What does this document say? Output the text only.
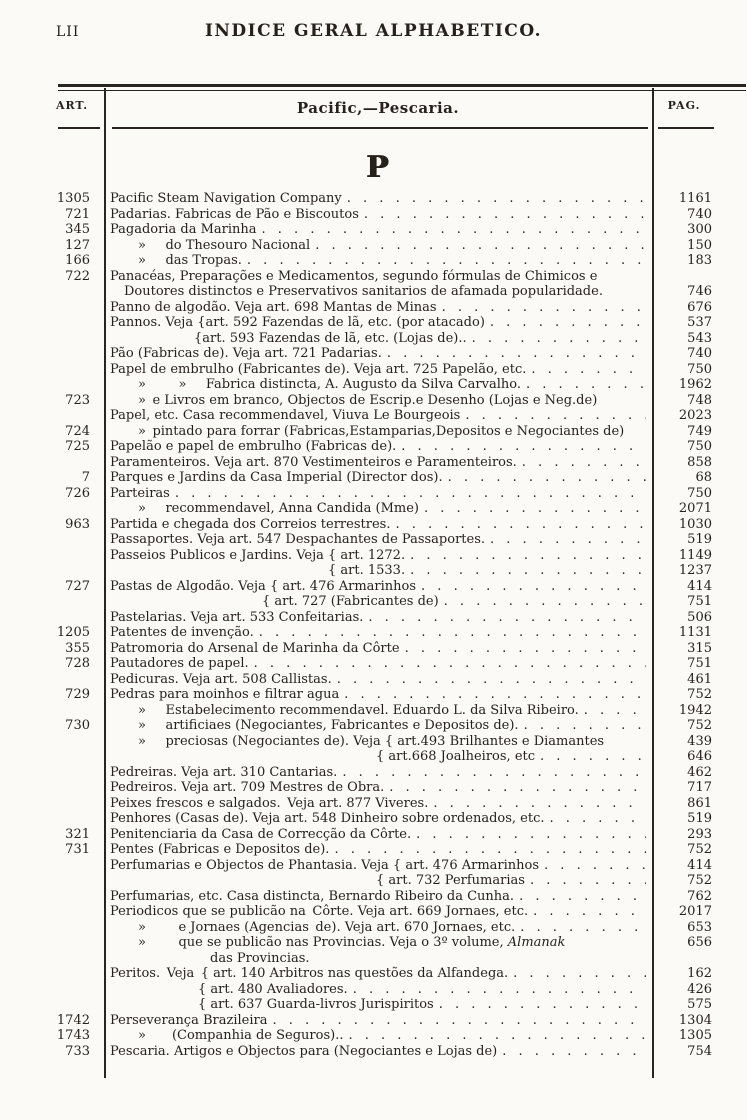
LII	INDICE GERAL ALPHABETICO.
ART.	Pacific,—Pescaria.	PAG.
P
1305 Pacific Steam Navigation Company . . .	1161
721 Padarias. Fabricas de Pão e Biscoutos . . .	740
345 Pagadoria da Marinha . . .	300
127	»  do Thesouro Nacional . . .	150
166	»  das Tropas. . . .	183
722 Panacéas, Preparações e Medicamentos, segundo fórmulas de Chimicos e
Doutores distinctos e Preservativos sanitarios de afamada popularidade.	746
Panno de algodão. Veja art. 698 Mantas de Minas . . .	676
Pannos. Veja {art. 592 Fazendas de lã, etc. (por atacado) . . .	537
{art. 593 Fazendas de lã, etc. (Lojas de).. . . .	543
Pão (Fabricas de). Veja art. 721 Padarias. . . .	740
Papel de embrulho (Fabricantes de). Veja art. 725 Papelão, etc. . . .	750
»   »  Fabrica distincta, A. Augusto da Silva Carvalho. . . .	1962
723	» e Livros em branco, Objectos de Escrip.e Desenho (Lojas e Neg.de)	748
Papel, etc. Casa recommendavel, Viuva Le Bourgeois . . .	2023
724	» pintado para forrar (Fabricas,Estamparias,Depositos e Negociantes de)	749
725 Papelão e papel de embrulho (Fabricas de). . . .	750
Paramenteiros. Veja art. 870 Vestimenteiros e Paramenteiros. . . .	858
7 Parques e Jardins da Casa Imperial (Director dos). . . .	68
726 Parteiras . . .	750
»  recommendavel, Anna Candida (Mme) . . .	2071
963 Partida e chegada dos Correios terrestres. . . .	1030
Passaportes. Veja art. 547 Despachantes de Passaportes. . . .	519
Passeios Publicos e Jardins. Veja { art. 1272. . . .	1149
{ art. 1533. . . .	1237
727 Pastas de Algodão. Veja { art. 476 Armarinhos . . .	414
{ art. 727 (Fabricantes de) . . .	751
Pastelarias. Veja art. 533 Confeitarias. . . .	506
1205 Patentes de invenção. . . .	1131
355 Patromoria do Arsenal de Marinha da Côrte . . .	315
728 Pautadores de papel. . . .	751
Pedicuras. Veja art. 508 Callistas. . . .	461
729 Pedras para moinhos e filtrar agua . . .	752
»  Estabelecimento recommendavel. Eduardo L. da Silva Ribeiro. . . .	1942
730	»  artificiaes (Negociantes, Fabricantes e Depositos de). . . .	752
»  preciosas (Negociantes de). Veja { art.493 Brilhantes e Diamantes	439
{ art.668 Joalheiros, etc . . .	646
Pedreiras. Veja art. 310 Cantarias. . . .	462
Pedreiros. Veja art. 709 Mestres de Obra. . . .	717
Peixes frescos e salgados. Veja art. 877 Viveres. . . .	861
Penhores (Casas de). Veja art. 548 Dinheiro sobre ordenados, etc. . . .	519
321 Penitenciaria da Casa de Correcção da Côrte. . . .	293
731 Pentes (Fabricas e Depositos de). . . .	752
Perfumarias e Objectos de Phantasia. Veja { art. 476 Armarinhos . . .	414
{ art. 732 Perfumarias . . .	752
Perfumarias, etc. Casa distincta, Bernardo Ribeiro da Cunha. . . .	762
Periodicos que se publicão na Côrte. Veja art. 669 Jornaes, etc. . . .	2017
»   e Jornaes (Agencias de). Veja art. 670 Jornaes, etc. . . .	653
»   que se publicão nas Provincias. Veja o 3º volume, Almanak	656
das Provincias.
Peritos. Veja { art. 140 Arbitros nas questões da Alfandega. . . .	162
{ art. 480 Avaliadores. . . .	426
{ art. 637 Guarda-livros Jurispiritos . . .	575
1742 Perseverança Brazileira . . .	1304
1743	»  (Companhia de Seguros).. . . .	1305
733 Pescaria. Artigos e Objectos para (Negociantes e Lojas de) . . .	754
